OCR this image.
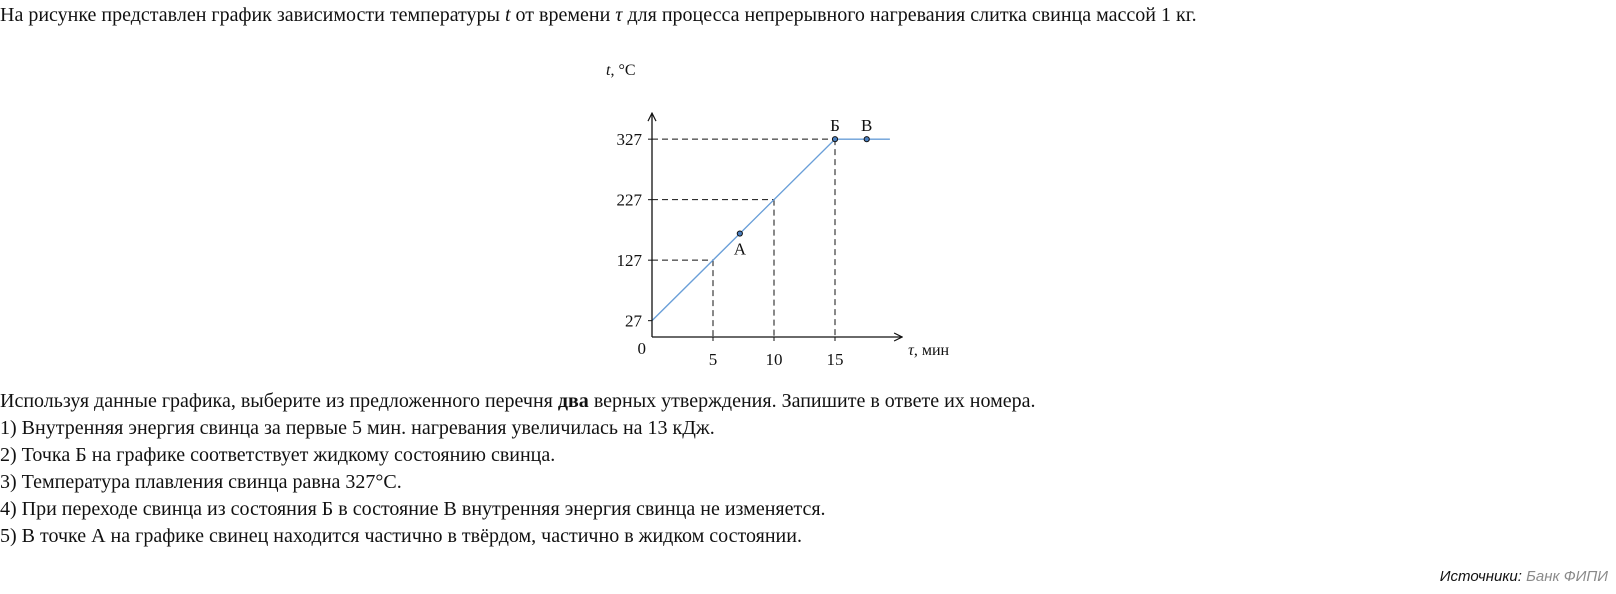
На рисунке представлен график зависимости температуры t от времени τ для процесса непрерывного нагревания слитка свинца массой 1 кг.
27
127
227
327
5	10	15
0
t, °C
τ, мин
А
Б В
Используя данные графика, выберите из предложенного перечня два верных утверждения. Запишите в ответе их номера.
1) Внутренняя энергия свинца за первые 5 мин. нагревания увеличилась на 13 кДж.
2) Точка Б на графике соответствует жидкому состоянию свинца.
3) Температура плавления свинца равна 327°C.
4) При переходе свинца из состояния Б в состояние В внутренняя энергия свинца не изменяется.
5) В точке А на графике свинец находится частично в твёрдом, частично в жидком состоянии.
Источники: Банк ФИПИ
